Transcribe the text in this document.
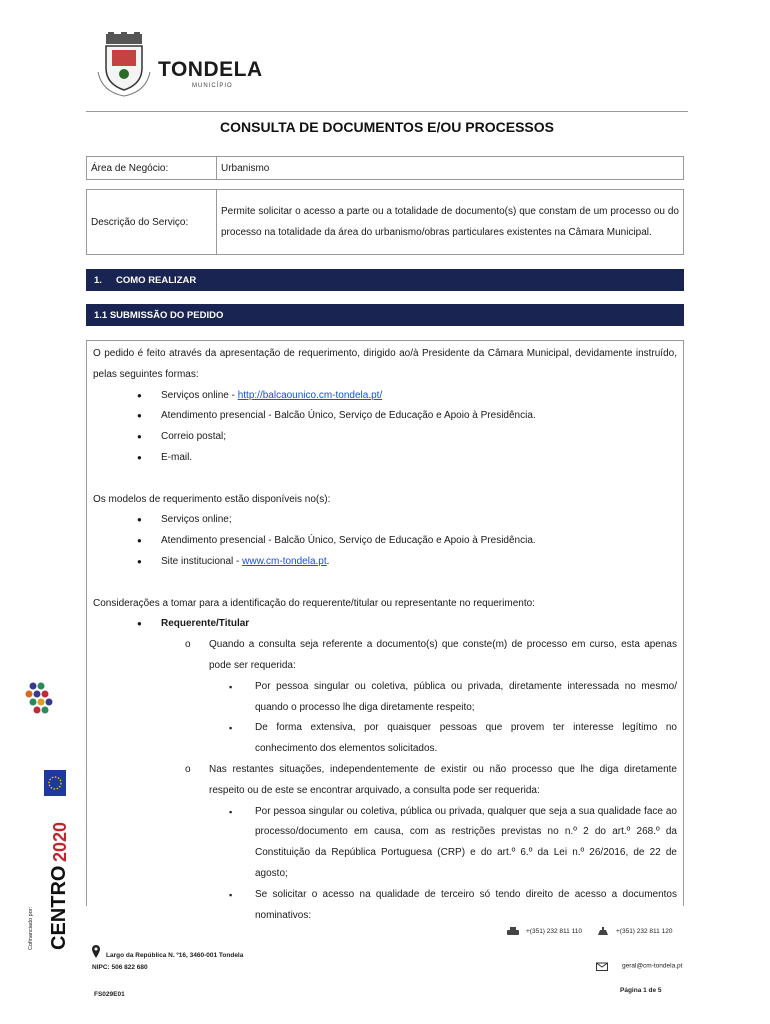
TONDELA
MUNICÍPIO
CONSULTA DE DOCUMENTOS E/OU PROCESSOS
Área de Negócio:	Urbanismo
Descrição do Serviço:
Permite solicitar o acesso a parte ou a totalidade de documento(s) que constam de um processo ou do processo na totalidade da área do urbanismo/obras particulares existentes na Câmara Municipal.
1.	COMO REALIZAR
1.1 SUBMISSÃO DO PEDIDO

O pedido é feito através da apresentação de requerimento, dirigido ao/à Presidente da Câmara Municipal, devidamente instruído, pelas seguintes formas:

● Serviços online - http://balcaounico.cm-tondela.pt/
● Atendimento presencial - Balcão Único, Serviço de Educação e Apoio à Presidência.
● Correio postal;
● E-mail.

Os modelos de requerimento estão disponíveis no(s):

● Serviços online;
● Atendimento presencial - Balcão Único, Serviço de Educação e Apoio à Presidência.
● Site institucional - www.cm-tondela.pt.

Considerações a tomar para a identificação do requerente/titular ou representante no requerimento:

● Requerente/Titular
o Quando a consulta seja referente a documento(s) que conste(m) de processo em curso, esta apenas pode ser requerida:
▪ Por pessoa singular ou coletiva, pública ou privada, diretamente interessada no mesmo/ quando o processo lhe diga diretamente respeito;
▪ De forma extensiva, por quaisquer pessoas que provem ter interesse legítimo no conhecimento dos elementos solicitados.
o Nas restantes situações, independentemente de existir ou não processo que lhe diga diretamente respeito ou de este se encontrar arquivado, a consulta pode ser requerida:
▪ Por pessoa singular ou coletiva, pública ou privada, qualquer que seja a sua qualidade face ao processo/documento em causa, com as restrições previstas no n.º 2 do art.º 268.º da Constituição da República Portuguesa (CRP) e do art.º 6.º da Lei n.º 26/2016, de 22 de agosto;
▪ Se solicitar o acesso na qualidade de terceiro só tendo direito de acesso a documentos nominativos:
2020
CENTRO
Cofinanciado por:	+(351) 232 811 110	+(351) 232 811 120
Largo da República N. º16, 3460-001 Tondela
NIPC: 506 822 680	geral@cm-tondela.pt
FS029E01
Página 1 de 5
